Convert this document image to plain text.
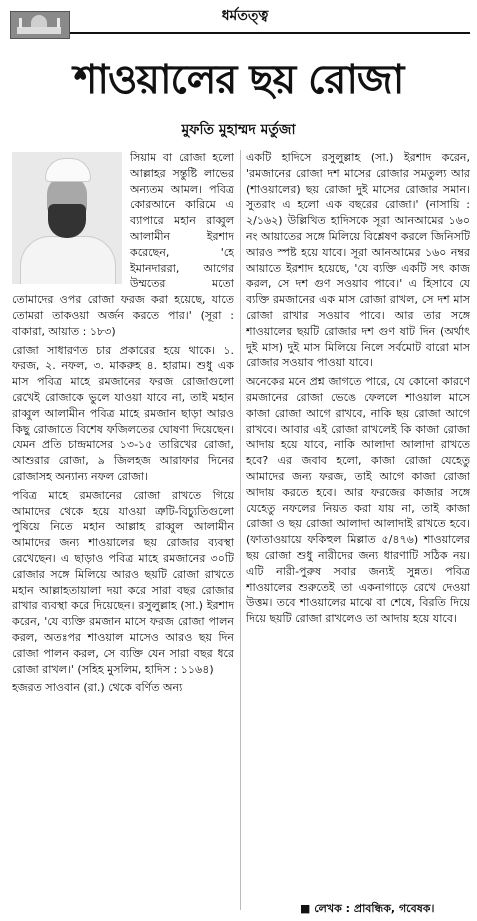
ধর্মতত্ত্ব
শাওয়ালের ছয় রোজা
মুফতি মুহাম্মদ মর্তুজা

সিয়াম বা রোজা হলো আল্লাহর সন্তুষ্টি লাভের অন্যতম আমল। পবিত্র কোরআনে কারিমে এ ব্যাপারে মহান রাব্বুল আলামীন ইরশাদ করেছেন, 'হে ইমানদাররা, আগের উম্মতের মতো তোমাদের ওপর রোজা ফরজ করা হয়েছে, যাতে তোমরা তাকওয়া অর্জন করতে পার।' (সূরা : বাকারা, আয়াত : ১৮৩)

রোজা সাধারণত চার প্রকারের হয়ে থাকে। ১. ফরজ, ২. নফল, ৩. মাকরুহ ৪. হারাম। শুধু এক মাস পবিত্র মাহে রমজানের ফরজ রোজাগুলো রেখেই রোজাকে ভুলে যাওয়া যাবে না, তাই মহান রাব্বুল আলামীন পবিত্র মাহে রমজান ছাড়া আরও কিছু রোজাতে বিশেষ ফজিলতের ঘোষণা দিয়েছেন। যেমন প্রতি চান্দ্রমাসের ১৩-১৫ তারিখের রোজা, আশুরার রোজা, ৯ জিলহজ আরাফার দিনের রোজাসহ অন্যান্য নফল রোজা।

পবিত্র মাহে রমজানের রোজা রাখতে গিয়ে আমাদের থেকে হয়ে যাওয়া ত্রুটি-বিচ্যুতিগুলো পুষিয়ে নিতে মহান আল্লাহ রাব্বুল আলামীন আমাদের জন্য শাওয়ালের ছয় রোজার ব্যবস্থা রেখেছেন। এ ছাড়াও পবিত্র মাহে রমজানের ৩০টি রোজার সঙ্গে মিলিয়ে আরও ছয়টি রোজা রাখতে মহান আল্লাহতায়ালা দয়া করে সারা বছর রোজার রাখার ব্যবস্থা করে দিয়েছেন। রসুলুল্লাহ (সা.) ইরশাদ করেন, 'যে ব্যক্তি রমজান মাসে ফরজ রোজা পালন করল, অতঃপর শাওয়াল মাসেও আরও ছয় দিন রোজা পালন করল, সে ব্যক্তি যেন সারা বছর ধরে রোজা রাখল।' (সহিহ মুসলিম, হাদিস : ১১৬৪)

হজরত সাওবান (রা.) থেকে বর্ণিত অন্য

একটি হাদিসে রসুলুল্লাহ (সা.) ইরশাদ করেন, 'রমজানের রোজা দশ মাসের রোজার সমতুল্য আর (শাওয়ালের) ছয় রোজা দুই মাসের রোজার সমান। সুতরাং এ হলো এক বছরের রোজা।' (নাসায়ি : ২/১৬২) উল্লিখিত হাদিসকে সূরা আনআমের ১৬০ নং আয়াতের সঙ্গে মিলিয়ে বিশ্লেষণ করলে জিনিসটি আরও স্পষ্ট হয়ে যাবে। সূরা আনআমের ১৬০ নম্বর আয়াতে ইরশাদ হয়েছে, 'যে ব্যক্তি একটি সৎ কাজ করল, সে দশ গুণ সওয়াব পাবে।' এ হিসাবে যে ব্যক্তি রমজানের এক মাস রোজা রাখল, সে দশ মাস রোজা রাখার সওয়াব পাবে। আর তার সঙ্গে শাওয়ালের ছয়টি রোজার দশ গুণ ষাট দিন (অর্থাৎ দুই মাস) দুই মাস মিলিয়ে নিলে সর্বমোট বারো মাস রোজার সওয়াব পাওয়া যাবে।

অনেকের মনে প্রশ্ন জাগতে পারে, যে কোনো কারণে রমজানের রোজা ভেঙে ফেললে শাওয়াল মাসে কাজা রোজা আগে রাখবে, নাকি ছয় রোজা আগে রাখবে। আবার এই রোজা রাখলেই কি কাজা রোজা আদায় হয়ে যাবে, নাকি আলাদা আলাদা রাখতে হবে? এর জবাব হলো, কাজা রোজা যেহেতু আমাদের জন্য ফরজ, তাই আগে কাজা রোজা আদায় করতে হবে। আর ফরজের কাজার সঙ্গে যেহেতু নফলের নিয়ত করা যায় না, তাই কাজা রোজা ও ছয় রোজা আলাদা আলাদাই রাখতে হবে। (ফাতাওয়ায়ে ফকিহুল মিল্লাত ৫/৪৭৬) শাওয়ালের ছয় রোজা শুধু নারীদের জন্য ধারণাটি সঠিক নয়। এটি নারী-পুরুষ সবার জন্যই সুন্নত। পবিত্র শাওয়ালের শুরুতেই তা একনাগাড়ে রেখে দেওয়া উত্তম। তবে শাওয়ালের মাঝে বা শেষে, বিরতি দিয়ে দিয়ে ছয়টি রোজা রাখলেও তা আদায় হয়ে যাবে।

■ লেখক : প্রাবন্ধিক, গবেষক।
